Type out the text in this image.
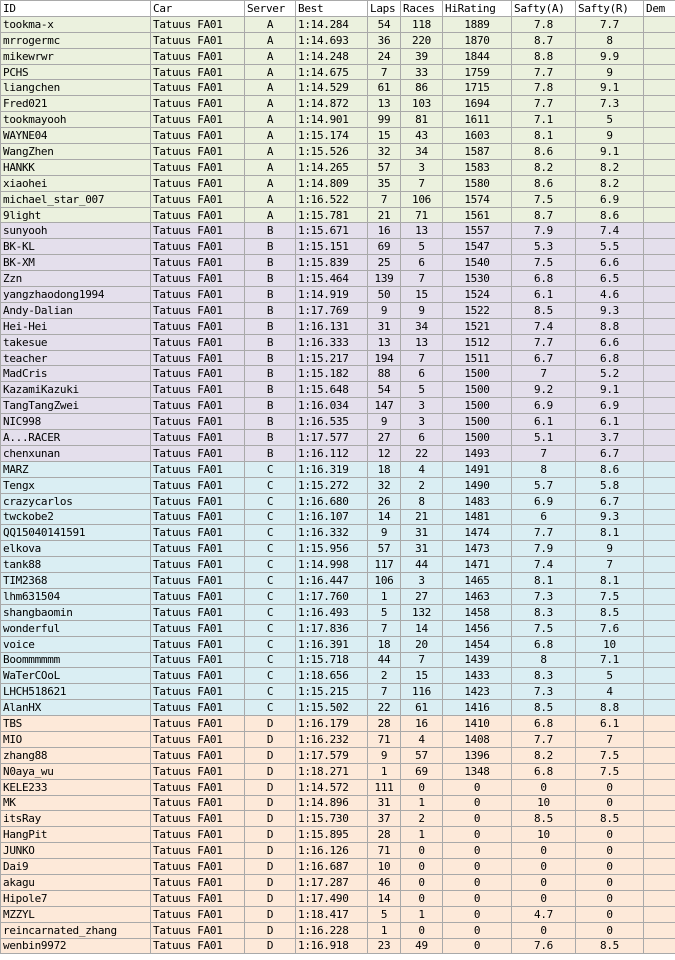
ID	Car	Server	Best	Laps	Races	HiRating	Safty(A)	Safty(R)	Dem
tookma-x	Tatuus FA01	A	1:14.284	54	118	1889	7.8	7.7	
mrrogermc	Tatuus FA01	A	1:14.693	36	220	1870	8.7	8	
mikewrwr	Tatuus FA01	A	1:14.248	24	39	1844	8.8	9.9	
PCHS	Tatuus FA01	A	1:14.675	7	33	1759	7.7	9	
liangchen	Tatuus FA01	A	1:14.529	61	86	1715	7.8	9.1	
Fred021	Tatuus FA01	A	1:14.872	13	103	1694	7.7	7.3	
tookmayooh	Tatuus FA01	A	1:14.901	99	81	1611	7.1	5	
WAYNE04	Tatuus FA01	A	1:15.174	15	43	1603	8.1	9	
WangZhen	Tatuus FA01	A	1:15.526	32	34	1587	8.6	9.1	
HANKK	Tatuus FA01	A	1:14.265	57	3	1583	8.2	8.2	
xiaohei	Tatuus FA01	A	1:14.809	35	7	1580	8.6	8.2	
michael_star_007	Tatuus FA01	A	1:16.522	7	106	1574	7.5	6.9	
9light	Tatuus FA01	A	1:15.781	21	71	1561	8.7	8.6	
sunyooh	Tatuus FA01	B	1:15.671	16	13	1557	7.9	7.4	
BK-KL	Tatuus FA01	B	1:15.151	69	5	1547	5.3	5.5	
BK-XM	Tatuus FA01	B	1:15.839	25	6	1540	7.5	6.6	
Zzn	Tatuus FA01	B	1:15.464	139	7	1530	6.8	6.5	
yangzhaodong1994	Tatuus FA01	B	1:14.919	50	15	1524	6.1	4.6	
Andy-Dalian	Tatuus FA01	B	1:17.769	9	9	1522	8.5	9.3	
Hei-Hei	Tatuus FA01	B	1:16.131	31	34	1521	7.4	8.8	
takesue	Tatuus FA01	B	1:16.333	13	13	1512	7.7	6.6	
teacher	Tatuus FA01	B	1:15.217	194	7	1511	6.7	6.8	
MadCris	Tatuus FA01	B	1:15.182	88	6	1500	7	5.2	
KazamiKazuki	Tatuus FA01	B	1:15.648	54	5	1500	9.2	9.1	
TangTangZwei	Tatuus FA01	B	1:16.034	147	3	1500	6.9	6.9	
NIC998	Tatuus FA01	B	1:16.535	9	3	1500	6.1	6.1	
A...RACER	Tatuus FA01	B	1:17.577	27	6	1500	5.1	3.7	
chenxunan	Tatuus FA01	B	1:16.112	12	22	1493	7	6.7	
MARZ	Tatuus FA01	C	1:16.319	18	4	1491	8	8.6	
Tengx	Tatuus FA01	C	1:15.272	32	2	1490	5.7	5.8	
crazycarlos	Tatuus FA01	C	1:16.680	26	8	1483	6.9	6.7	
twckobe2	Tatuus FA01	C	1:16.107	14	21	1481	6	9.3	
QQ15040141591	Tatuus FA01	C	1:16.332	9	31	1474	7.7	8.1	
elkova	Tatuus FA01	C	1:15.956	57	31	1473	7.9	9	
tank88	Tatuus FA01	C	1:14.998	117	44	1471	7.4	7	
TIM2368	Tatuus FA01	C	1:16.447	106	3	1465	8.1	8.1	
lhm631504	Tatuus FA01	C	1:17.760	1	27	1463	7.3	7.5	
shangbaomin	Tatuus FA01	C	1:16.493	5	132	1458	8.3	8.5	
wonderful	Tatuus FA01	C	1:17.836	7	14	1456	7.5	7.6	
voice	Tatuus FA01	C	1:16.391	18	20	1454	6.8	10	
Boommmmmm	Tatuus FA01	C	1:15.718	44	7	1439	8	7.1	
WaTerCOoL	Tatuus FA01	C	1:18.656	2	15	1433	8.3	5	
LHCH518621	Tatuus FA01	C	1:15.215	7	116	1423	7.3	4	
AlanHX	Tatuus FA01	C	1:15.502	22	61	1416	8.5	8.8	
TBS	Tatuus FA01	D	1:16.179	28	16	1410	6.8	6.1	
MIO	Tatuus FA01	D	1:16.232	71	4	1408	7.7	7	
zhang88	Tatuus FA01	D	1:17.579	9	57	1396	8.2	7.5	
N0aya_wu	Tatuus FA01	D	1:18.271	1	69	1348	6.8	7.5	
KELE233	Tatuus FA01	D	1:14.572	111	0	0	0	0	
MK	Tatuus FA01	D	1:14.896	31	1	0	10	0	
itsRay	Tatuus FA01	D	1:15.730	37	2	0	8.5	8.5	
HangPit	Tatuus FA01	D	1:15.895	28	1	0	10	0	
JUNKO	Tatuus FA01	D	1:16.126	71	0	0	0	0	
Dai9	Tatuus FA01	D	1:16.687	10	0	0	0	0	
akagu	Tatuus FA01	D	1:17.287	46	0	0	0	0	
Hipole7	Tatuus FA01	D	1:17.490	14	0	0	0	0	
MZZYL	Tatuus FA01	D	1:18.417	5	1	0	4.7	0	
reincarnated_zhang	Tatuus FA01	D	1:16.228	1	0	0	0	0	
wenbin9972	Tatuus FA01	D	1:16.918	23	49	0	7.6	8.5	
